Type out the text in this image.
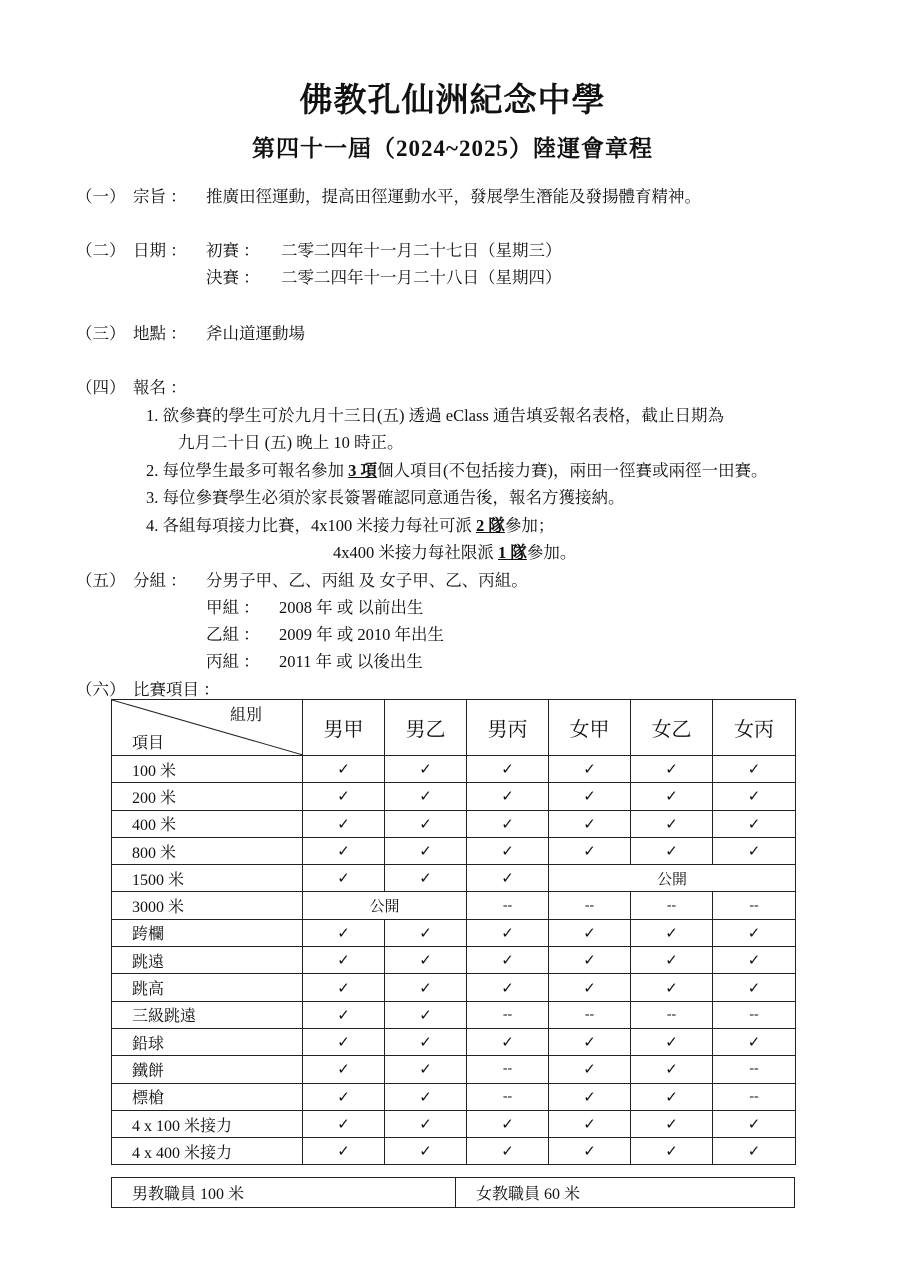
佛教孔仙洲紀念中學
第四十一屆（2024~2025）陸運會章程
（一） 宗旨 ： 推廣田徑運動，提高田徑運動水平，發展學生潛能及發揚體育精神。
（二） 日期 ： 初賽 ： 二零二四年十一月二十七日（星期三）
決賽 ： 二零二四年十一月二十八日（星期四）
（三） 地點 ： 斧山道運動場
（四） 報名 ：
1. 欲參賽的學生可於九月十三日(五) 透過 eClass 通告填妥報名表格，截止日期為
九月二十日 (五) 晚上 10 時正。
2. 每位學生最多可報名參加 3 項個人項目(不包括接力賽)，兩田一徑賽或兩徑一田賽。
3. 每位參賽學生必須於家長簽署確認同意通告後，報名方獲接納。
4. 各組每項接力比賽，4x100 米接力每社可派 2 隊參加；
4x400 米接力每社限派 1 隊參加。
（五） 分組 ： 分男子甲、乙、丙組 及 女子甲、乙、丙組。
甲組 ： 2008 年 或 以前出生
乙組 ： 2009 年 或 2010 年出生
丙組 ： 2011 年 或 以後出生
（六） 比賽項目 ：
組別
項目	男甲	男乙	男丙	女甲	女乙	女丙
100 米	✓	✓	✓	✓	✓	✓
200 米	✓	✓	✓	✓	✓	✓
400 米	✓	✓	✓	✓	✓	✓
800 米	✓	✓	✓	✓	✓	✓
1500 米	✓	✓	✓	公開		
3000 米	公開		--	--	--	--
跨欄	✓	✓	✓	✓	✓	✓
跳遠	✓	✓	✓	✓	✓	✓
跳高	✓	✓	✓	✓	✓	✓
三級跳遠	✓	✓	--	--	--	--
鉛球	✓	✓	✓	✓	✓	✓
鐵餅	✓	✓	--	✓	✓	--
標槍	✓	✓	--	✓	✓	--
4 x 100 米接力	✓	✓	✓	✓	✓	✓
4 x 400 米接力	✓	✓	✓	✓	✓	✓
男教職員 100 米	女教職員 60 米
